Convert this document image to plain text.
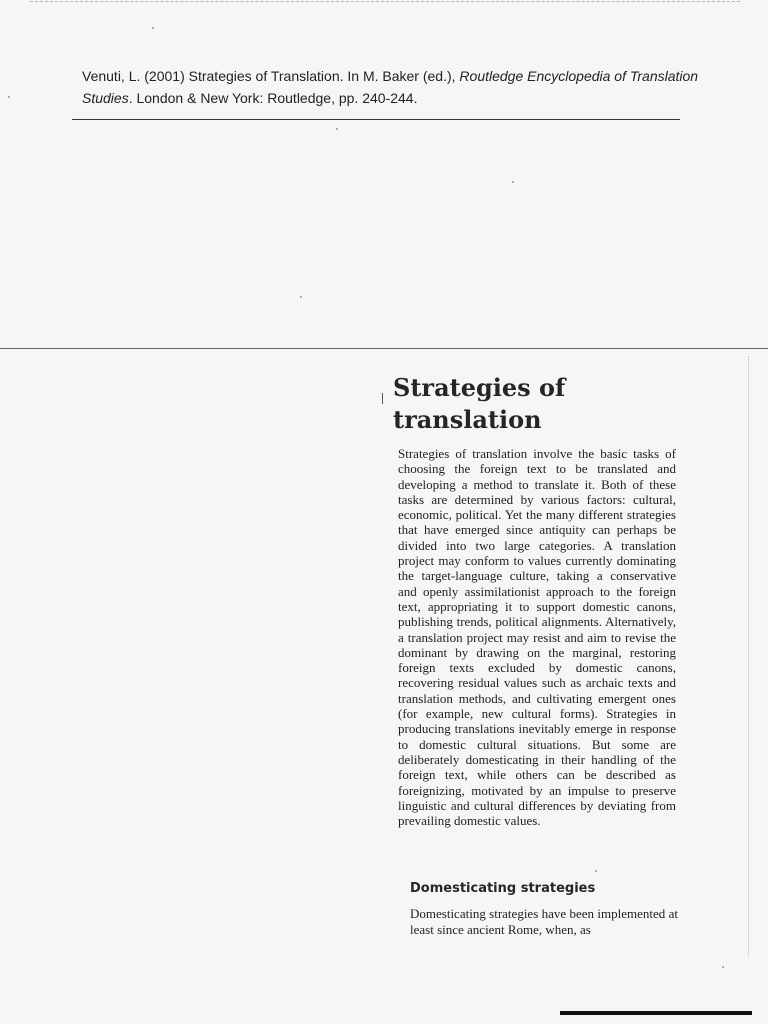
Venuti, L. (2001) Strategies of Translation. In M. Baker (ed.), Routledge Encyclopedia of Translation Studies. London & New York: Routledge, pp. 240-244.
Strategies of
translation
Strategies of translation involve the basic tasks of choosing the foreign text to be translated and developing a method to translate it. Both of these tasks are determined by various factors: cultural, economic, political. Yet the many different strategies that have emerged since antiquity can perhaps be divided into two large categories. A translation project may conform to values currently dominating the target-language culture, taking a conservative and openly assimilationist approach to the foreign text, appropriating it to support domestic canons, publishing trends, political alignments. Alternatively, a translation project may resist and aim to revise the dominant by drawing on the marginal, restoring foreign texts excluded by domestic canons, recovering residual values such as archaic texts and translation methods, and cultivating emergent ones (for example, new cultural forms). Strategies in producing translations inevitably emerge in response to domestic cultural situations. But some are deliberately domesticating in their handling of the foreign text, while others can be described as foreignizing, motivated by an impulse to preserve linguistic and cultural differences by deviating from prevailing domestic values.
Domesticating strategies
Domesticating strategies have been implemented at least since ancient Rome, when, as
